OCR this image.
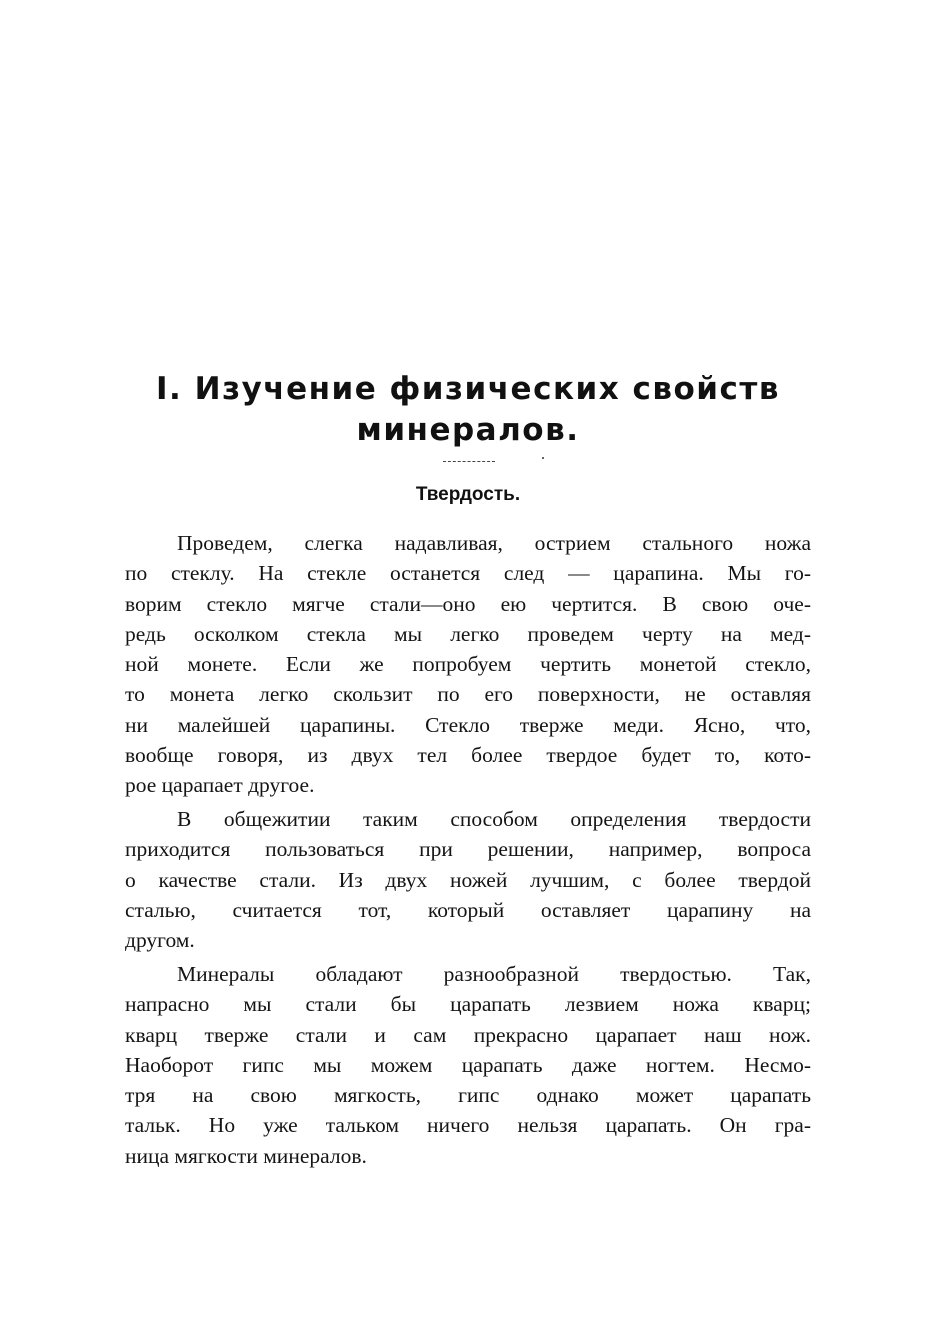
I. Изучение физических свойств
минералов.
Твердость.
Проведем, слегка надавливая, острием стального ножа
по стеклу. На стекле останется след — царапина. Мы го-
ворим стекло мягче стали—оно ею чертится. В свою оче-
редь осколком стекла мы легко проведем черту на мед-
ной монете. Если же попробуем чертить монетой стекло,
то монета легко скользит по его поверхности, не оставляя
ни малейшей царапины. Стекло тверже меди. Ясно, что,
вообще говоря, из двух тел более твердое будет то, кото-
рое царапает другое.
В общежитии таким способом определения твердости
приходится пользоваться при решении, например, вопроса
о качестве стали. Из двух ножей лучшим, с более твердой
сталью, считается тот, который оставляет царапину на
другом.
Минералы обладают разнообразной твердостью. Так,
напрасно мы стали бы царапать лезвием ножа кварц;
кварц тверже стали и сам прекрасно царапает наш нож.
Наоборот гипс мы можем царапать даже ногтем. Несмо-
тря на свою мягкость, гипс однако может царапать
тальк. Но уже тальком ничего нельзя царапать. Он гра-
ница мягкости минералов.
